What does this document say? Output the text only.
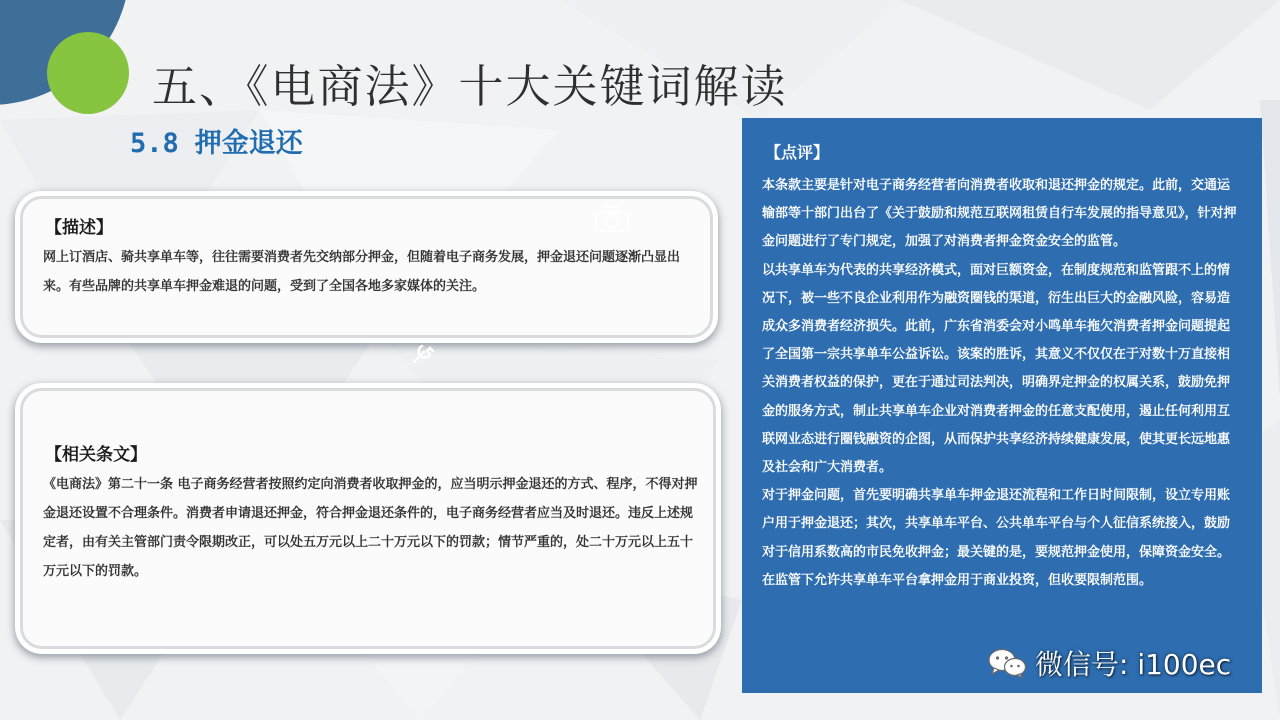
五、《电商法》十大关键词解读
5.8 押金退还
【描述】
网上订酒店、骑共享单车等，往往需要消费者先交纳部分押金，但随着电子商务发展，押金退还问题逐渐凸显出来。有些品牌的共享单车押金难退的问题，受到了全国各地多家媒体的关注。
【相关条文】
《电商法》第二十一条 电子商务经营者按照约定向消费者收取押金的，应当明示押金退还的方式、程序，不得对押金退还设置不合理条件。消费者申请退还押金，符合押金退还条件的，电子商务经营者应当及时退还。违反上述规定者，由有关主管部门责令限期改正，可以处五万元以上二十万元以下的罚款；情节严重的，处二十万元以上五十万元以下的罚款。
【点评】

本条款主要是针对电子商务经营者向消费者收取和退还押金的规定。此前，交通运输部等十部门出台了《关于鼓励和规范互联网租赁自行车发展的指导意见》，针对押金问题进行了专门规定，加强了对消费者押金资金安全的监管。

以共享单车为代表的共享经济模式，面对巨额资金，在制度规范和监管跟不上的情况下，被一些不良企业利用作为融资圈钱的渠道，衍生出巨大的金融风险，容易造成众多消费者经济损失。此前，广东省消委会对小鸣单车拖欠消费者押金问题提起了全国第一宗共享单车公益诉讼。该案的胜诉，其意义不仅仅在于对数十万直接相关消费者权益的保护，更在于通过司法判决，明确界定押金的权属关系，鼓励免押金的服务方式，制止共享单车企业对消费者押金的任意支配使用，遏止任何利用互联网业态进行圈钱融资的企图，从而保护共享经济持续健康发展，使其更长远地惠及社会和广大消费者。

对于押金问题，首先要明确共享单车押金退还流程和工作日时间限制，设立专用账户用于押金退还；其次，共享单车平台、公共单车平台与个人征信系统接入，鼓励对于信用系数高的市民免收押金；最关键的是，要规范押金使用，保障资金安全。在监管下允许共享单车平台拿押金用于商业投资，但收要限制范围。

微信号: i100ec
